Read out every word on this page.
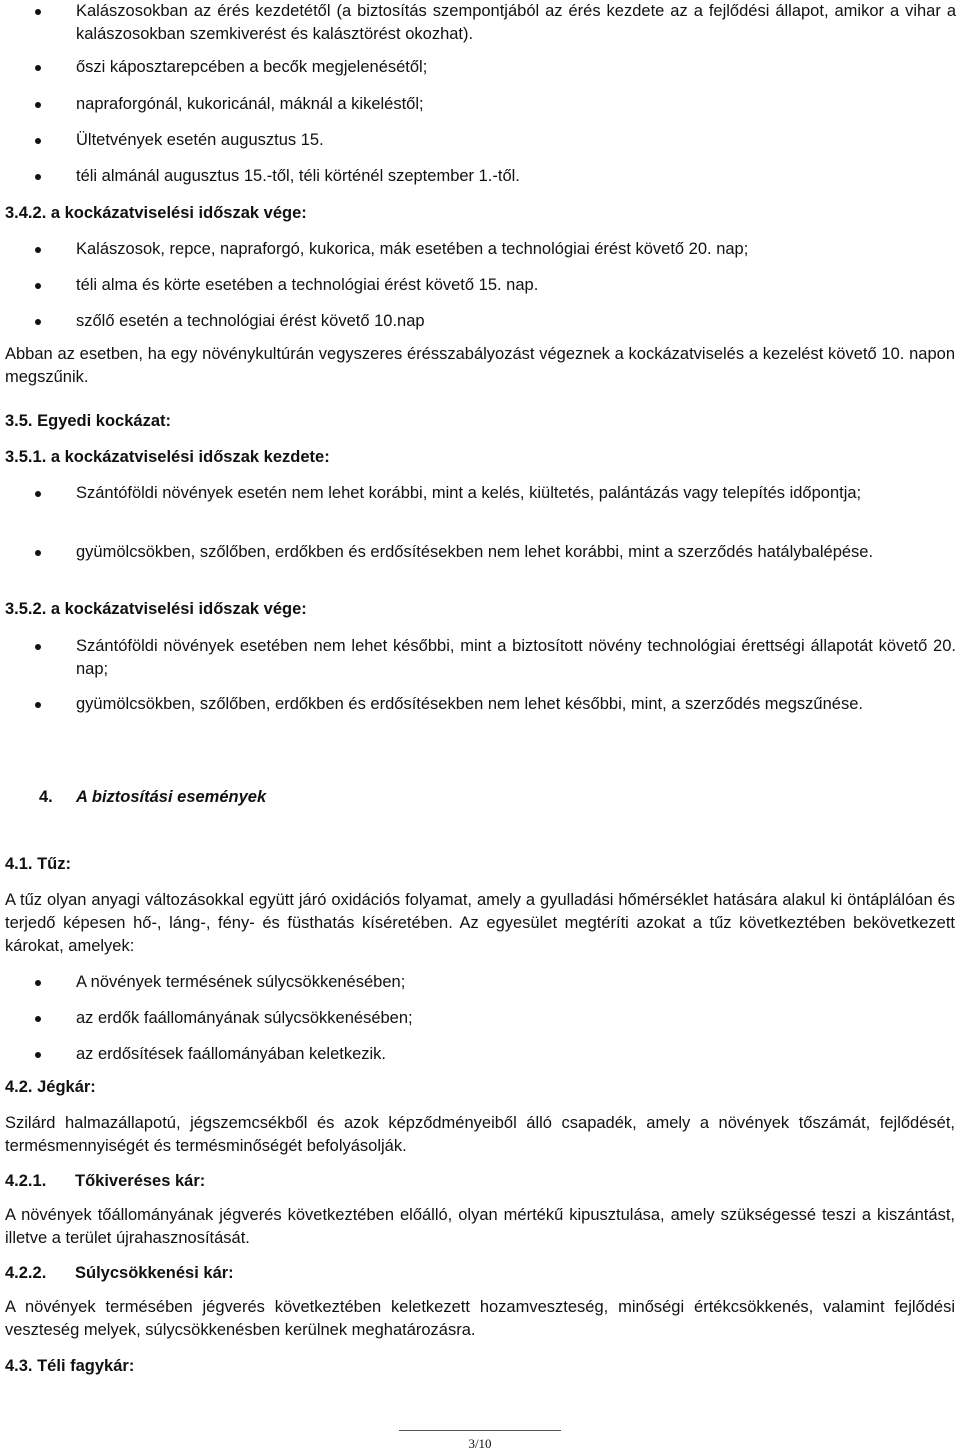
Kalászosokban az érés kezdetétől (a biztosítás szempontjából az érés kezdete az a fejlődési állapot, amikor a vihar a kalászosokban szemkiverést és kalásztörést okozhat).
őszi káposztarepcében a becők megjelenésétől;
napraforgónál, kukoricánál, máknál a kikeléstől;
Ültetvények esetén augusztus 15.
téli almánál augusztus 15.-től, téli körténél szeptember 1.-től.
3.4.2. a kockázatviselési időszak vége:
Kalászosok, repce, napraforgó, kukorica, mák esetében a technológiai érést követő 20. nap;
téli alma és körte esetében a technológiai érést követő 15. nap.
szőlő esetén a technológiai érést követő 10.nap
Abban az esetben, ha egy növénykultúrán vegyszeres érésszabályozást végeznek a kockázatviselés a kezelést követő 10. napon megszűnik.
3.5. Egyedi kockázat:
3.5.1. a kockázatviselési időszak kezdete:
Szántóföldi növények esetén nem lehet korábbi, mint a kelés, kiültetés, palántázás vagy telepítés időpontja;
gyümölcsökben, szőlőben, erdőkben és erdősítésekben nem lehet korábbi, mint a szerződés hatálybalépése.
3.5.2. a kockázatviselési időszak vége:
Szántóföldi növények esetében nem lehet későbbi, mint a biztosított növény technológiai érettségi állapotát követő 20. nap;
gyümölcsökben, szőlőben, erdőkben és erdősítésekben nem lehet későbbi, mint, a szerződés megszűnése.
4. A biztosítási események
4.1. Tűz:
A tűz olyan anyagi változásokkal együtt járó oxidációs folyamat, amely a gyulladási hőmérséklet hatására alakul ki öntáplálóan és terjedő képesen hő-, láng-, fény- és füsthatás kíséretében. Az egyesület megtéríti azokat a tűz következtében bekövetkezett károkat, amelyek:
A növények termésének súlycsökkenésében;
az erdők faállományának súlycsökkenésében;
az erdősítések faállományában keletkezik.
4.2. Jégkár:
Szilárd halmazállapotú, jégszemcsékből és azok képződményeiből álló csapadék, amely a növények tőszámát, fejlődését, termésmennyiségét és termésminőségét befolyásolják.
4.2.1. Tőkiveréses kár:
A növények tőállományának jégverés következtében előálló, olyan mértékű kipusztulása, amely szükségessé teszi a kiszántást, illetve a terület újrahasznosítását.
4.2.2. Súlycsökkenési kár:
A növények termésében jégverés következtében keletkezett hozamveszteség, minőségi értékcsökkenés, valamint fejlődési veszteség melyek, súlycsökkenésben kerülnek meghatározásra.
4.3. Téli fagykár:
3/10
